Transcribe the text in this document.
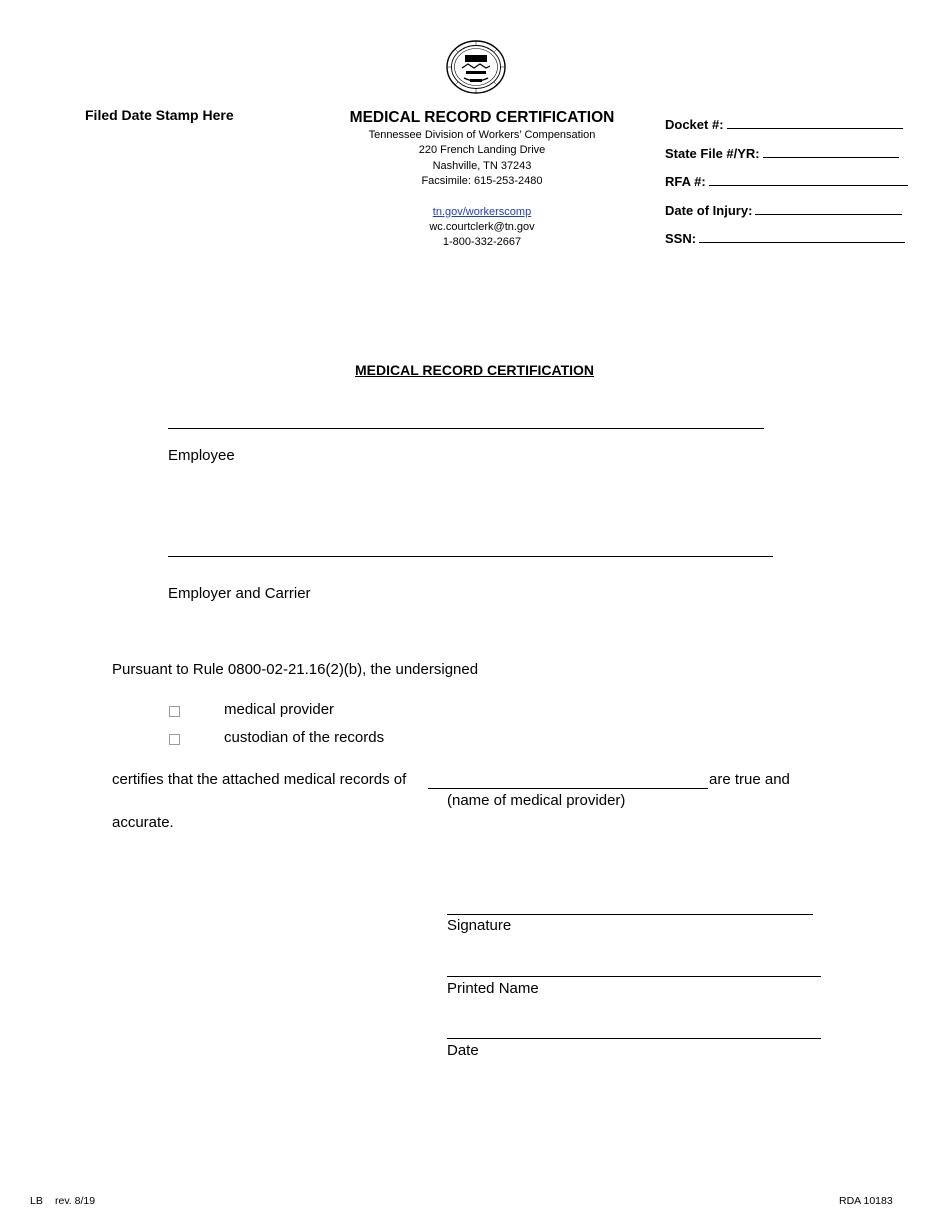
Filed Date Stamp Here	MEDICAL RECORD CERTIFICATION
Tennessee Division of Workers’ Compensation
220 French Landing Drive
Nashville, TN 37243
Facsimile: 615-253-2480
tn.gov/workerscomp
wc.courtclerk@tn.gov
1-800-332-2667
Docket #:
State File #/YR:
RFA #:
Date of Injury:
SSN:
MEDICAL RECORD CERTIFICATION
Employee
Employer and Carrier
Pursuant to Rule 0800-02-21.16(2)(b), the undersigned
medical provider
custodian of the records
certifies that the attached medical records of	are true and
(name of medical provider)
accurate.
Signature
Printed Name
Date
LB rev. 8/19	RDA 10183
